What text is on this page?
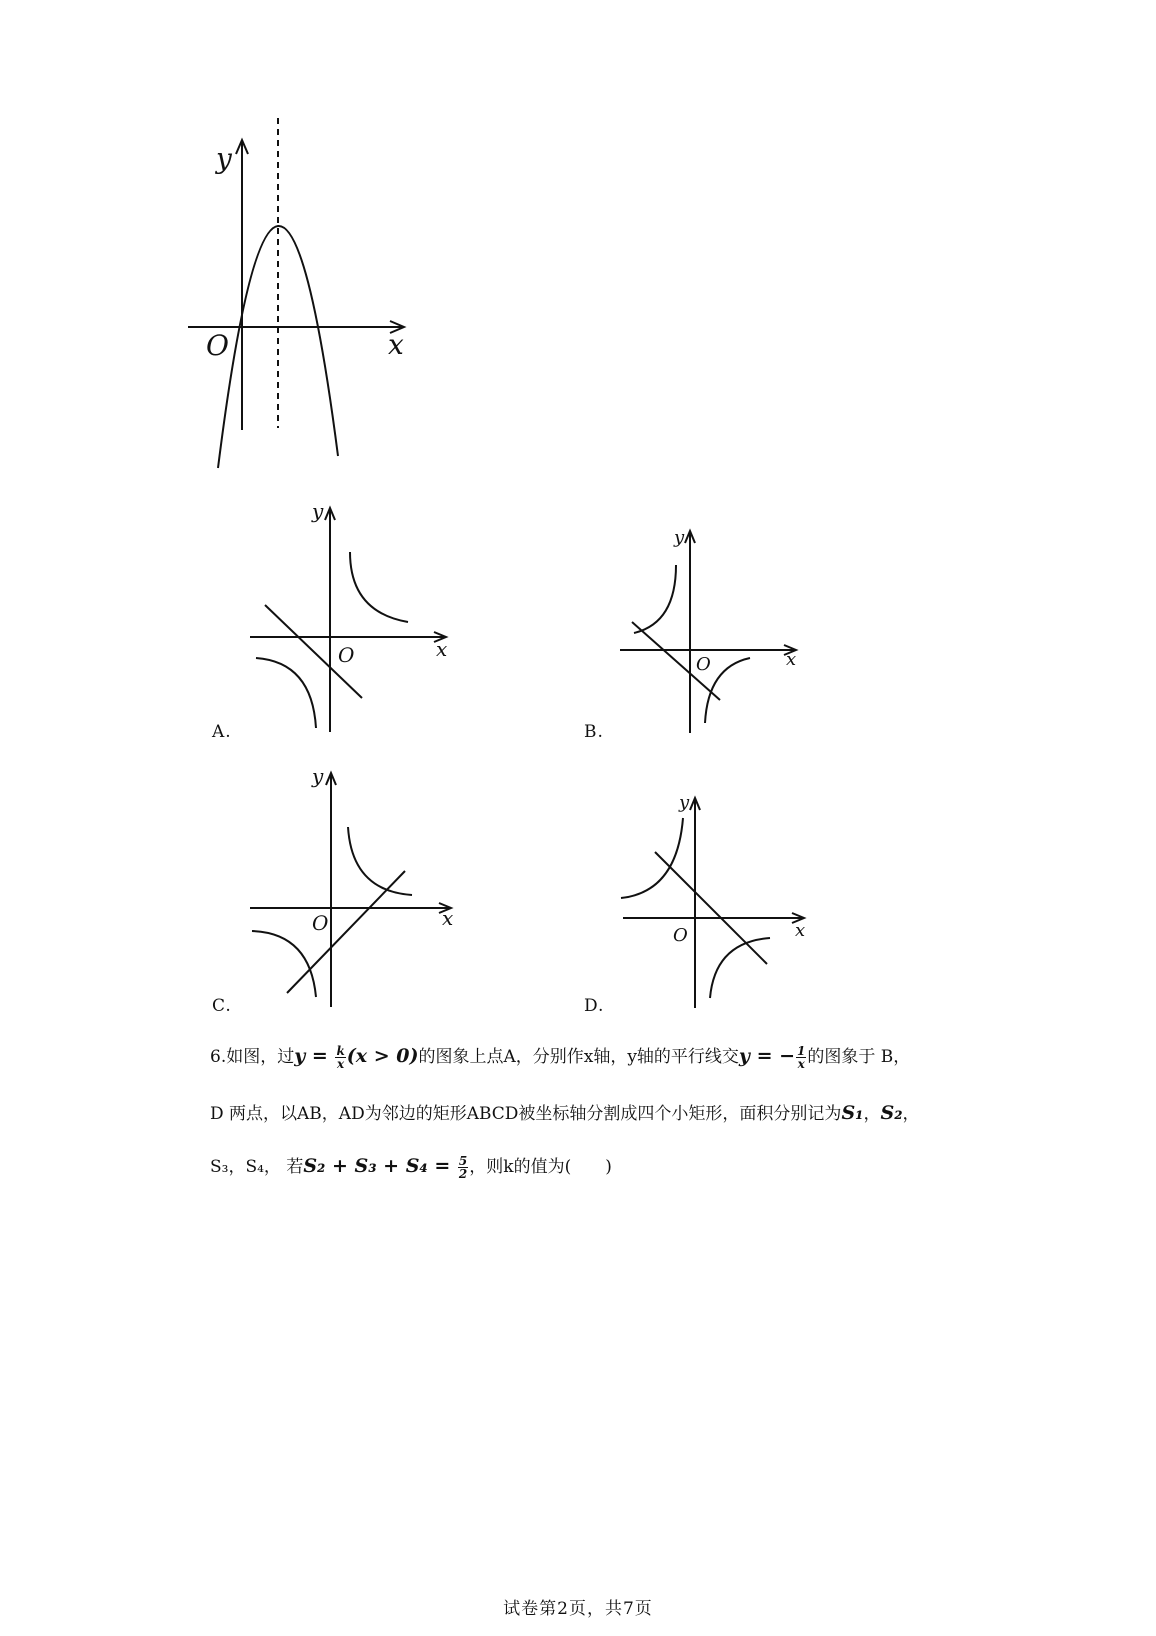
y
x
O
y
x
O
A.
y
x
O
B.
y
x
O
C.
y
x
O
D.
6.如图，过$y = \frac{k}{x} (x > 0)$的图象上点A，分别作x轴，y轴的平行线交y = − $\frac{1}{x}$ 的图象于 B，
D 两点，以AB，AD为邻边的矩形ABCD被坐标轴分割成四个小矩形，面积分别记为S₁，S₂，
S₃，S₄， 若$S_2 + S_3 + S_4 = \frac{5}{2}$ ，则k的值为(　　)
试卷第2页，共7页
